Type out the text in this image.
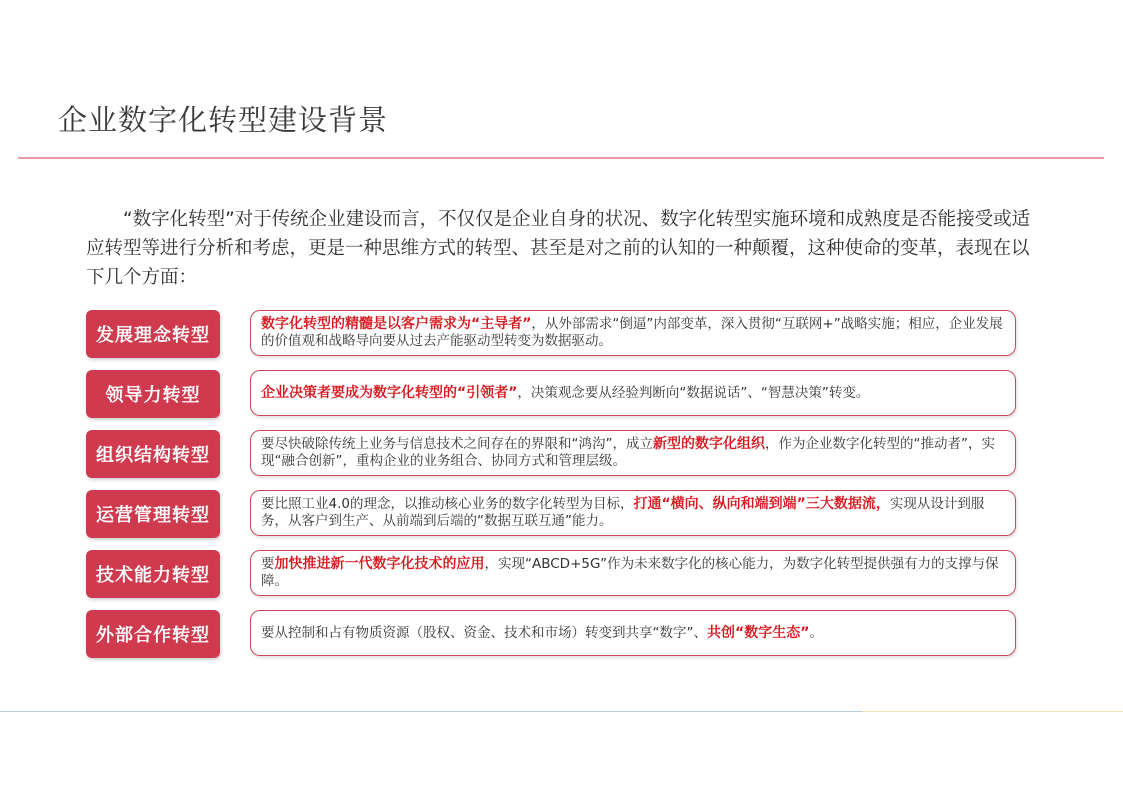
企业数字化转型建设背景

“数字化转型”对于传统企业建设而言，不仅仅是企业自身的状况、数字化转型实施环境和成熟度是否能接受或适应转型等进行分析和考虑，更是一种思维方式的转型、甚至是对之前的认知的一种颠覆，这种使命的变革，表现在以下几个方面：

发展理念转型
数字化转型的精髓是以客户需求为“主导者”，从外部需求“倒逼”内部变革，深入贯彻“互联网+”战略实施；相应，企业发展的价值观和战略导向要从过去产能驱动型转变为数据驱动。
领导力转型	企业决策者要成为数字化转型的“引领者”，决策观念要从经验判断向“数据说话”、“智慧决策”转变。
组织结构转型
要尽快破除传统上业务与信息技术之间存在的界限和“鸿沟”，成立新型的数字化组织，作为企业数字化转型的“推动者”，实现“融合创新”，重构企业的业务组合、协同方式和管理层级。
运营管理转型
要比照工业4.0的理念，以推动核心业务的数字化转型为目标，打通“横向、纵向和端到端”三大数据流，实现从设计到服务，从客户到生产、从前端到后端的“数据互联互通”能力。
技术能力转型
要加快推进新一代数字化技术的应用，实现“ABCD+5G”作为未来数字化的核心能力，为数字化转型提供强有力的支撑与保障。
外部合作转型	要从控制和占有物质资源（股权、资金、技术和市场）转变到共享“数字”、共创“数字生态”。
